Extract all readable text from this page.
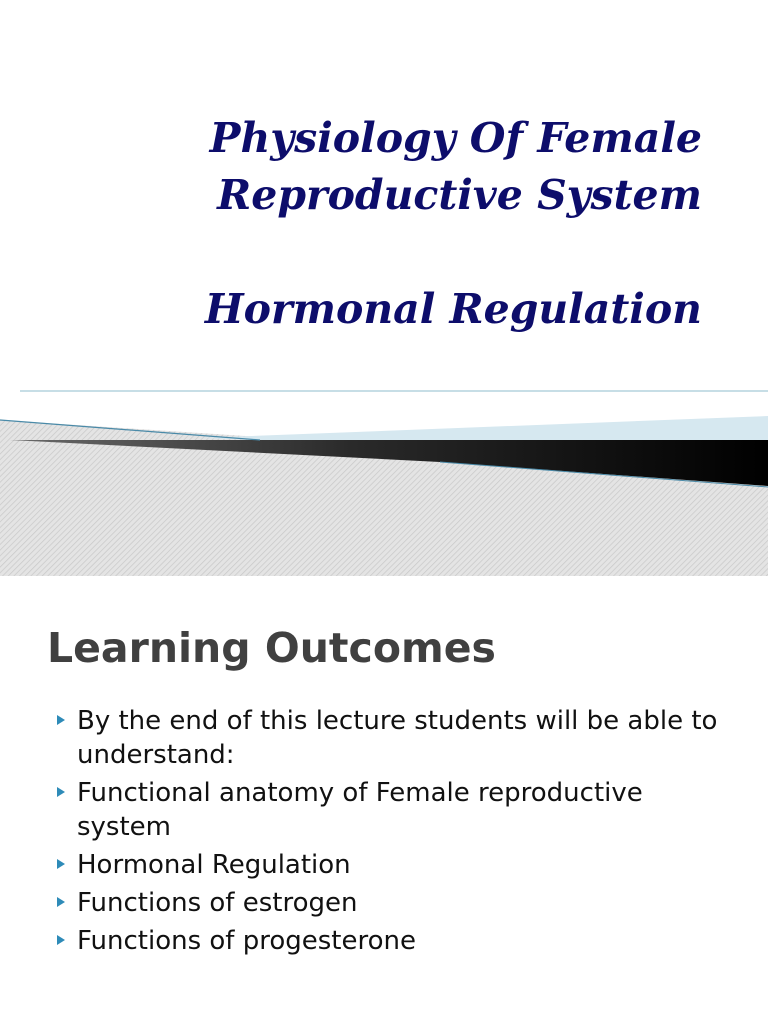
Physiology Of Female
Reproductive System
Hormonal Regulation
Learning Outcomes
By the end of this lecture students will be able to understand:
Functional anatomy of Female reproductive system
Hormonal Regulation
Functions of estrogen
Functions of progesterone
